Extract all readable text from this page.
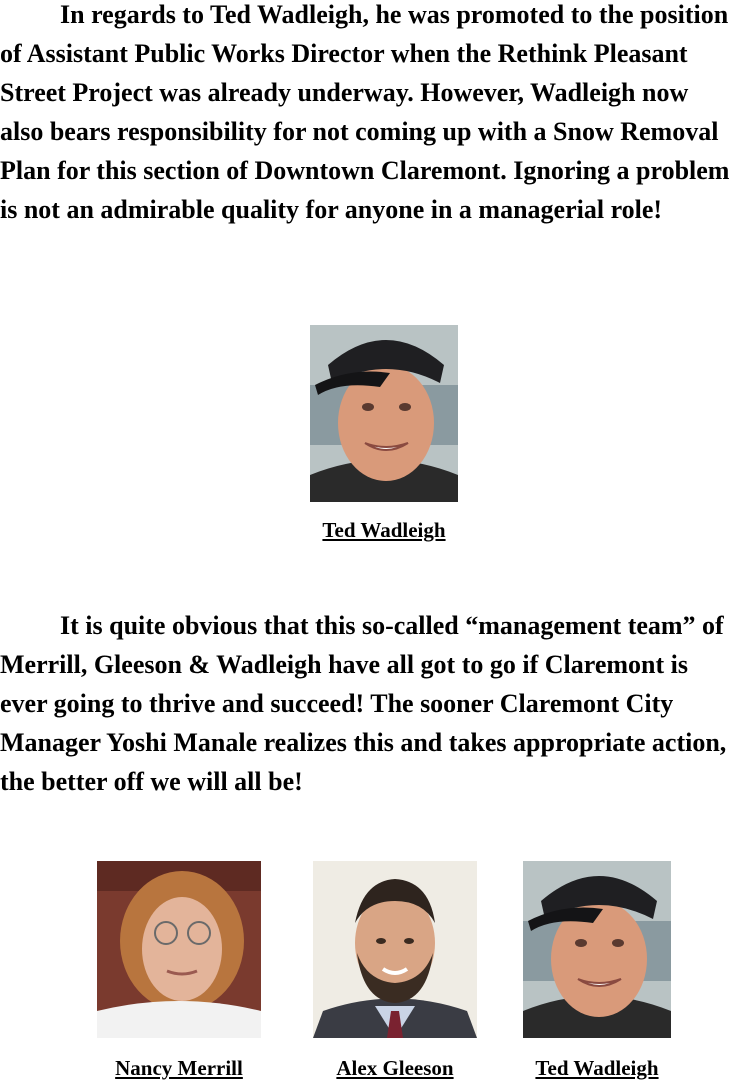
In regards to Ted Wadleigh, he was promoted to the position of Assistant Public Works Director when the Rethink Pleasant Street Project was already underway. However, Wadleigh now also bears responsibility for not coming up with a Snow Removal Plan for this section of Downtown Claremont. Ignoring a problem is not an admirable quality for anyone in a managerial role!

Ted Wadleigh

It is quite obvious that this so-called “management team” of Merrill, Gleeson & Wadleigh have all got to go if Claremont is ever going to thrive and succeed! The sooner Claremont City Manager Yoshi Manale realizes this and takes appropriate action, the better off we will all be!

Nancy Merrill	Alex Gleeson	Ted Wadleigh
